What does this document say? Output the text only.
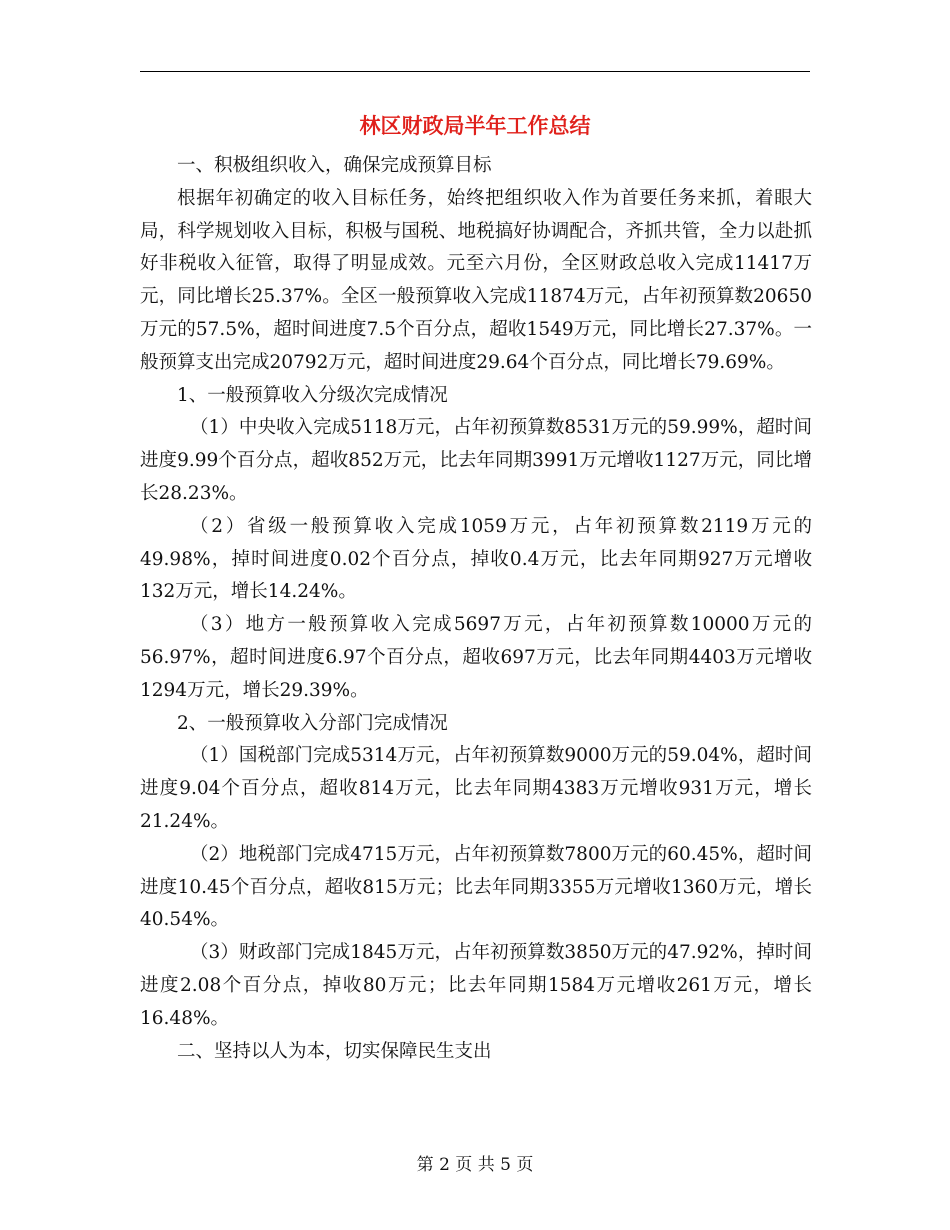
林区财政局半年工作总结

一、积极组织收入，确保完成预算目标

根据年初确定的收入目标任务，始终把组织收入作为首要任务来抓，着眼大局，科学规划收入目标，积极与国税、地税搞好协调配合，齐抓共管，全力以赴抓好非税收入征管，取得了明显成效。元至六月份，全区财政总收入完成11417万元，同比增长25.37%。全区一般预算收入完成11874万元，占年初预算数20650万元的57.5%，超时间进度7.5个百分点，超收1549万元，同比增长27.37%。一般预算支出完成20792万元，超时间进度29.64个百分点，同比增长79.69%。

1、一般预算收入分级次完成情况

（1）中央收入完成5118万元，占年初预算数8531万元的59.99%，超时间进度9.99个百分点，超收852万元，比去年同期3991万元增收1127万元，同比增长28.23%。

（2）省级一般预算收入完成1059万元，占年初预算数2119万元的49.98%，掉时间进度0.02个百分点，掉收0.4万元，比去年同期927万元增收132万元，增长14.24%。

（3）地方一般预算收入完成5697万元，占年初预算数10000万元的56.97%，超时间进度6.97个百分点，超收697万元，比去年同期4403万元增收1294万元，增长29.39%。

2、一般预算收入分部门完成情况

（1）国税部门完成5314万元，占年初预算数9000万元的59.04%，超时间进度9.04个百分点，超收814万元，比去年同期4383万元增收931万元，增长21.24%。

（2）地税部门完成4715万元，占年初预算数7800万元的60.45%，超时间进度10.45个百分点，超收815万元；比去年同期3355万元增收1360万元，增长40.54%。

（3）财政部门完成1845万元，占年初预算数3850万元的47.92%，掉时间进度2.08个百分点，掉收80万元；比去年同期1584万元增收261万元，增长16.48%。

二、坚持以人为本，切实保障民生支出

第 2 页 共 5 页
